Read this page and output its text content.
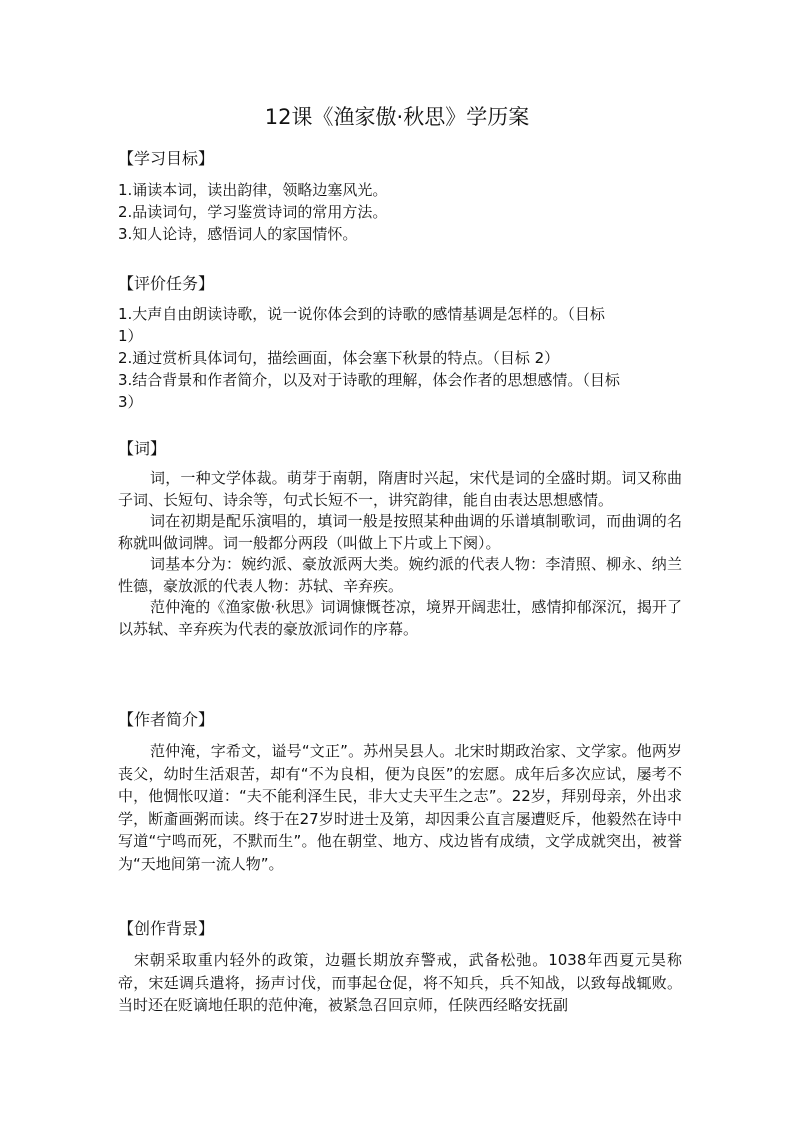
12课《渔家傲·秋思》学历案
【学习目标】
1.诵读本词，读出韵律，领略边塞风光。
2.品读词句，学习鉴赏诗词的常用方法。
3.知人论诗，感悟词人的家国情怀。
【评价任务】
1.大声自由朗读诗歌，说一说你体会到的诗歌的感情基调是怎样的。（目标
1）
2.通过赏析具体词句，描绘画面，体会塞下秋景的特点。（目标 2）
3.结合背景和作者简介，以及对于诗歌的理解，体会作者的思想感情。（目标
3）
【词】
词，一种文学体裁。萌芽于南朝，隋唐时兴起，宋代是词的全盛时期。词又称曲子词、长短句、诗余等，句式长短不一，讲究韵律，能自由表达思想感情。
词在初期是配乐演唱的，填词一般是按照某种曲调的乐谱填制歌词，而曲调的名称就叫做词牌。词一般都分两段（叫做上下片或上下阕）。
词基本分为：婉约派、豪放派两大类。婉约派的代表人物：李清照、柳永、纳兰性德，豪放派的代表人物：苏轼、辛弃疾。
范仲淹的《渔家傲·秋思》词调慷慨苍凉，境界开阔悲壮，感情抑郁深沉，揭开了以苏轼、辛弃疾为代表的豪放派词作的序幕。
【作者简介】
范仲淹，字希文，谥号“文正”。苏州吴县人。北宋时期政治家、文学家。他两岁丧父，幼时生活艰苦，却有“不为良相，便为良医”的宏愿。成年后多次应试，屡考不中，他惆怅叹道：“夫不能利泽生民，非大丈夫平生之志”。22岁，拜别母亲，外出求学，断齑画粥而读。终于在27岁时进士及第，却因秉公直言屡遭贬斥，他毅然在诗中写道“宁鸣而死，不默而生”。他在朝堂、地方、戍边皆有成绩，文学成就突出，被誉为“天地间第一流人物”。
【创作背景】
宋朝采取重内轻外的政策，边疆长期放弃警戒，武备松弛。1038年西夏元昊称帝，宋廷调兵遣将，扬声讨伐，而事起仓促，将不知兵，兵不知战，以致每战辄败。当时还在贬谪地任职的范仲淹，被紧急召回京师，任陕西经略安抚副
